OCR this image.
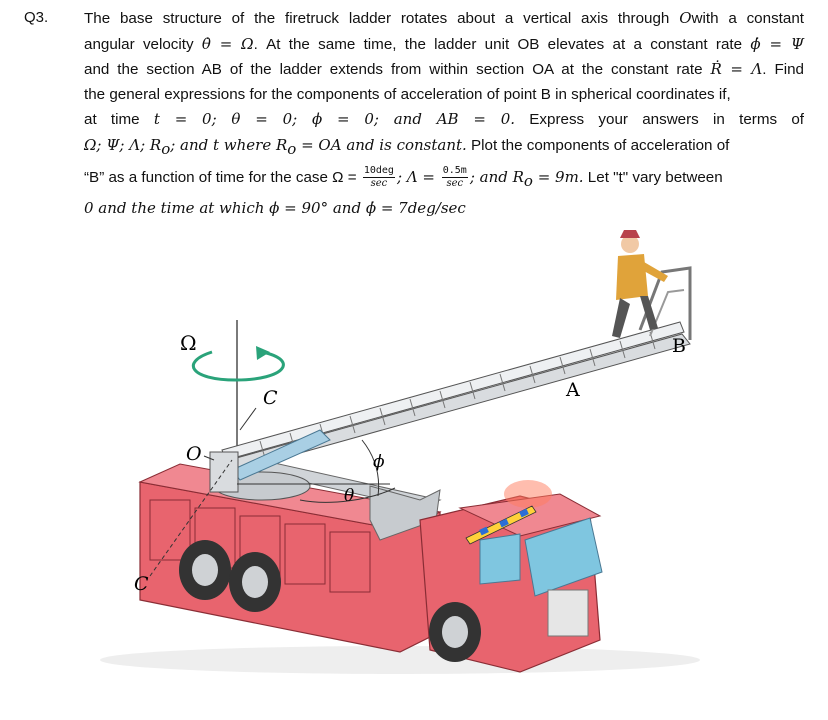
Q3. The base structure of the firetruck ladder rotates about a vertical axis through Owith a constant
angular velocity θ̇ = Ω. At the same time, the ladder unit OB elevates at a constant rate ϕ̇ = Ψ
and the section AB of the ladder extends from within section OA at the constant rate Ṙ = Λ. Find
the general expressions for the components of acceleration of point B in spherical coordinates if,
at time t = 0; θ = 0; ϕ = 0; and AB = 0. Express your answers in terms of
Ω; Ψ; Λ; $R_o$; and t where $R_o$ = OA and is constant. Plot the components of acceleration of
“B” as a function of time for the case $\Omega = \frac{\text{10deg}}{\sec}$ ; $\Lambda = \frac{0.5m}{\sec}$ ; and $R_o = 9m$. Let "t" vary between
0 and the time at which ϕ = 90° and ϕ̇ = 7deg/sec
Ω
A
B
ϕ
θ
C
O
C
